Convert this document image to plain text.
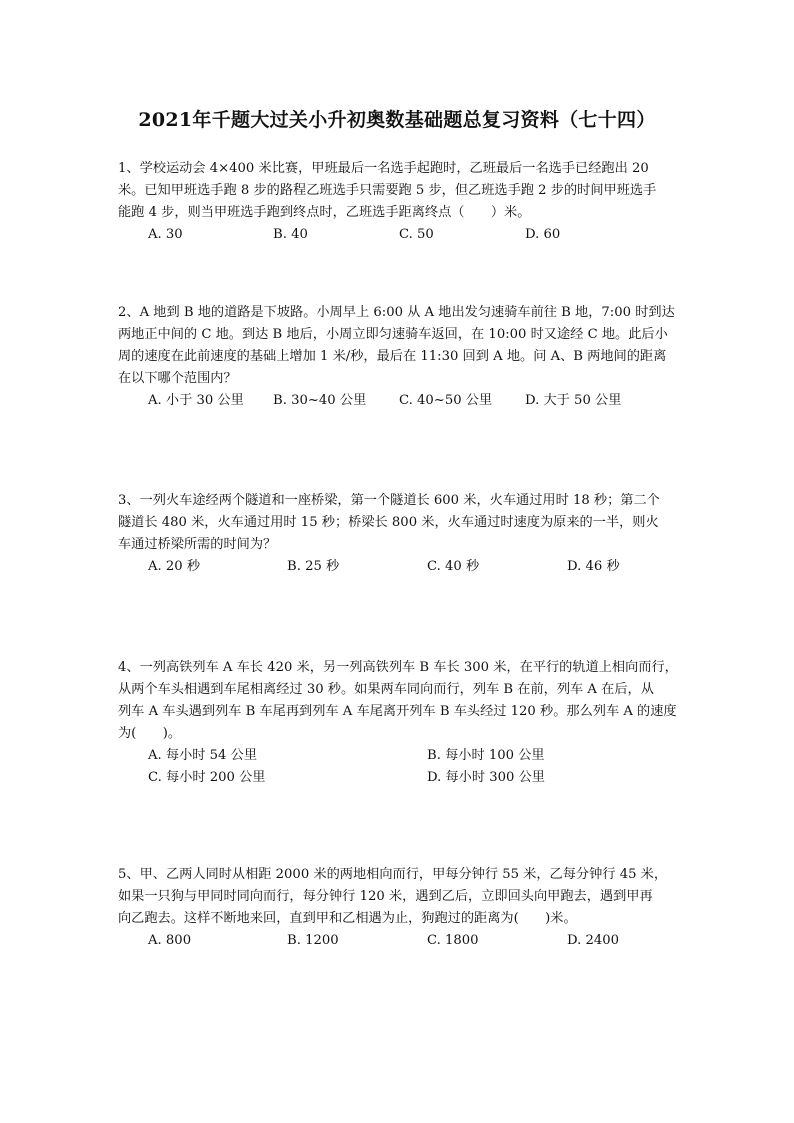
2021年千题大过关小升初奥数基础题总复习资料（七十四）
1、学校运动会 4×400 米比赛，甲班最后一名选手起跑时，乙班最后一名选手已经跑出 20
米。已知甲班选手跑 8 步的路程乙班选手只需要跑 5 步，但乙班选手跑 2 步的时间甲班选手
能跑 4 步，则当甲班选手跑到终点时，乙班选手距离终点（　　）米。
A. 30	B. 40	C. 50	D. 60
2、A 地到 B 地的道路是下坡路。小周早上 6:00 从 A 地出发匀速骑车前往 B 地，7:00 时到达
两地正中间的 C 地。到达 B 地后，小周立即匀速骑车返回，在 10:00 时又途经 C 地。此后小
周的速度在此前速度的基础上增加 1 米/秒，最后在 11:30 回到 A 地。问 A、B 两地间的距离
在以下哪个范围内？
A. 小于 30 公里 B. 30~40 公里 C. 40~50 公里 D. 大于 50 公里
3、一列火车途经两个隧道和一座桥梁，第一个隧道长 600 米，火车通过用时 18 秒；第二个
隧道长 480 米，火车通过用时 15 秒；桥梁长 800 米，火车通过时速度为原来的一半，则火
车通过桥梁所需的时间为？
A. 20 秒	B. 25 秒	C. 40 秒	D. 46 秒
4、一列高铁列车 A 车长 420 米，另一列高铁列车 B 车长 300 米，在平行的轨道上相向而行，
从两个车头相遇到车尾相离经过 30 秒。如果两车同向而行，列车 B 在前，列车 A 在后，从
列车 A 车头遇到列车 B 车尾再到列车 A 车尾离开列车 B 车头经过 120 秒。那么列车 A 的速度
为(　　)。
A. 每小时 54 公里	B. 每小时 100 公里
C. 每小时 200 公里	D. 每小时 300 公里
5、甲、乙两人同时从相距 2000 米的两地相向而行，甲每分钟行 55 米，乙每分钟行 45 米，
如果一只狗与甲同时同向而行，每分钟行 120 米，遇到乙后，立即回头向甲跑去，遇到甲再
向乙跑去。这样不断地来回，直到甲和乙相遇为止，狗跑过的距离为(　　)米。
A. 800	B. 1200	C. 1800	D. 2400
